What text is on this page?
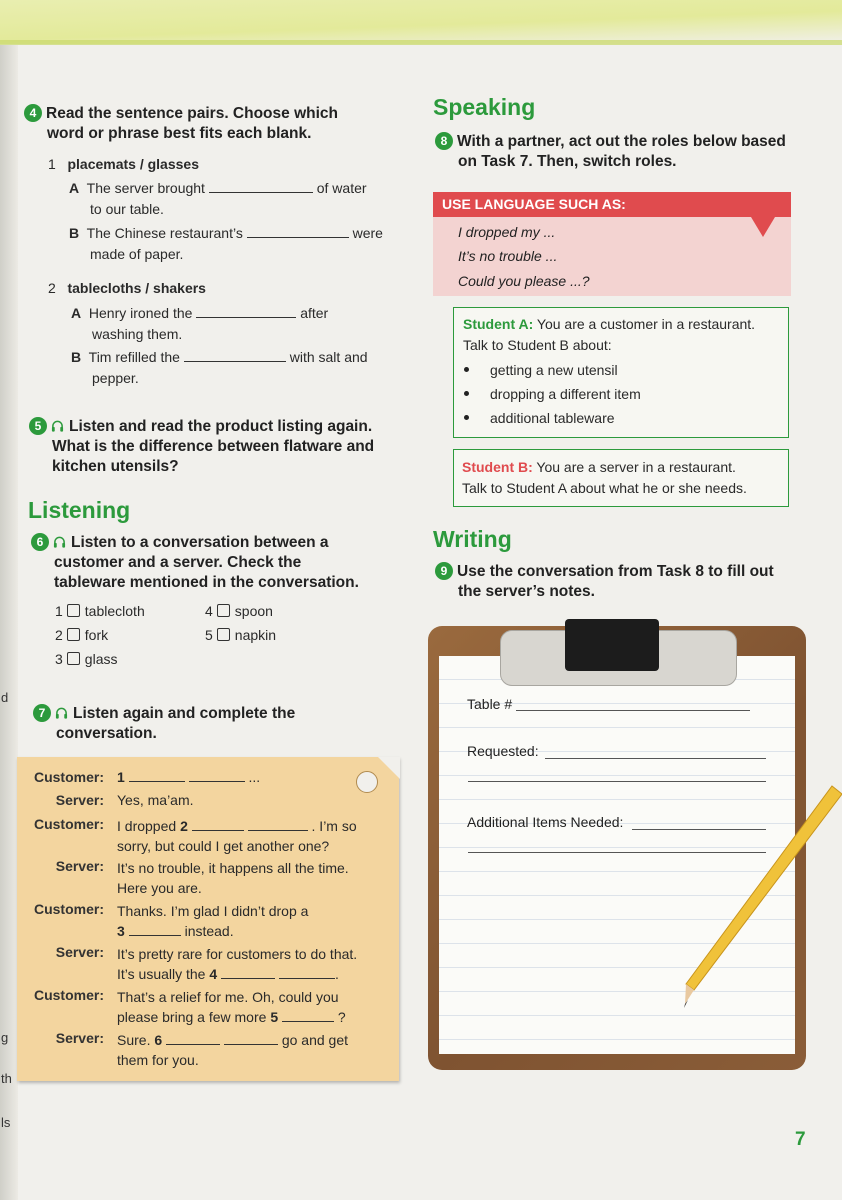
d
g
th
ls
4 Read the sentence pairs. Choose which
word or phrase best fits each blank.
1 placemats / glasses
A The server brought	of water
to our table.
B The Chinese restaurant’s	were
made of paper.
2 tablecloths / shakers
A Henry ironed the	after
washing them.
B Tim refilled the	with salt and
pepper.
5 Listen and read the product listing again.
What is the difference between flatware and
kitchen utensils?
Listening
6 Listen to a conversation between a
customer and a server. Check the
tableware mentioned in the conversation.
1 tablecloth
2 fork
3 glass
4 spoon
5 napkin
7 Listen again and complete the
conversation.
Customer: 1	...
Server: Yes, ma’am.
Customer: I dropped 2	. I’m so
sorry, but could I get another one?
Server: It’s no trouble, it happens all the time.
Here you are.
Customer: Thanks. I’m glad I didn’t drop a
3	instead.
Server: It’s pretty rare for customers to do that.
It’s usually the 4	.
Customer: That’s a relief for me. Oh, could you
please bring a few more 5	?
Server: Sure. 6	go and get
them for you.
Speaking
8 With a partner, act out the roles below based
on Task 7. Then, switch roles.
USE LANGUAGE SUCH AS:
I dropped my ...
It’s no trouble ...
Could you please ...?
Student A: You are a customer in a restaurant.
Talk to Student B about:
getting a new utensil
dropping a different item
additional tableware
Student B: You are a server in a restaurant.
Talk to Student A about what he or she needs.
Writing
9 Use the conversation from Task 8 to fill out
the server’s notes.
Table #
Requested:
Additional Items Needed:
7
